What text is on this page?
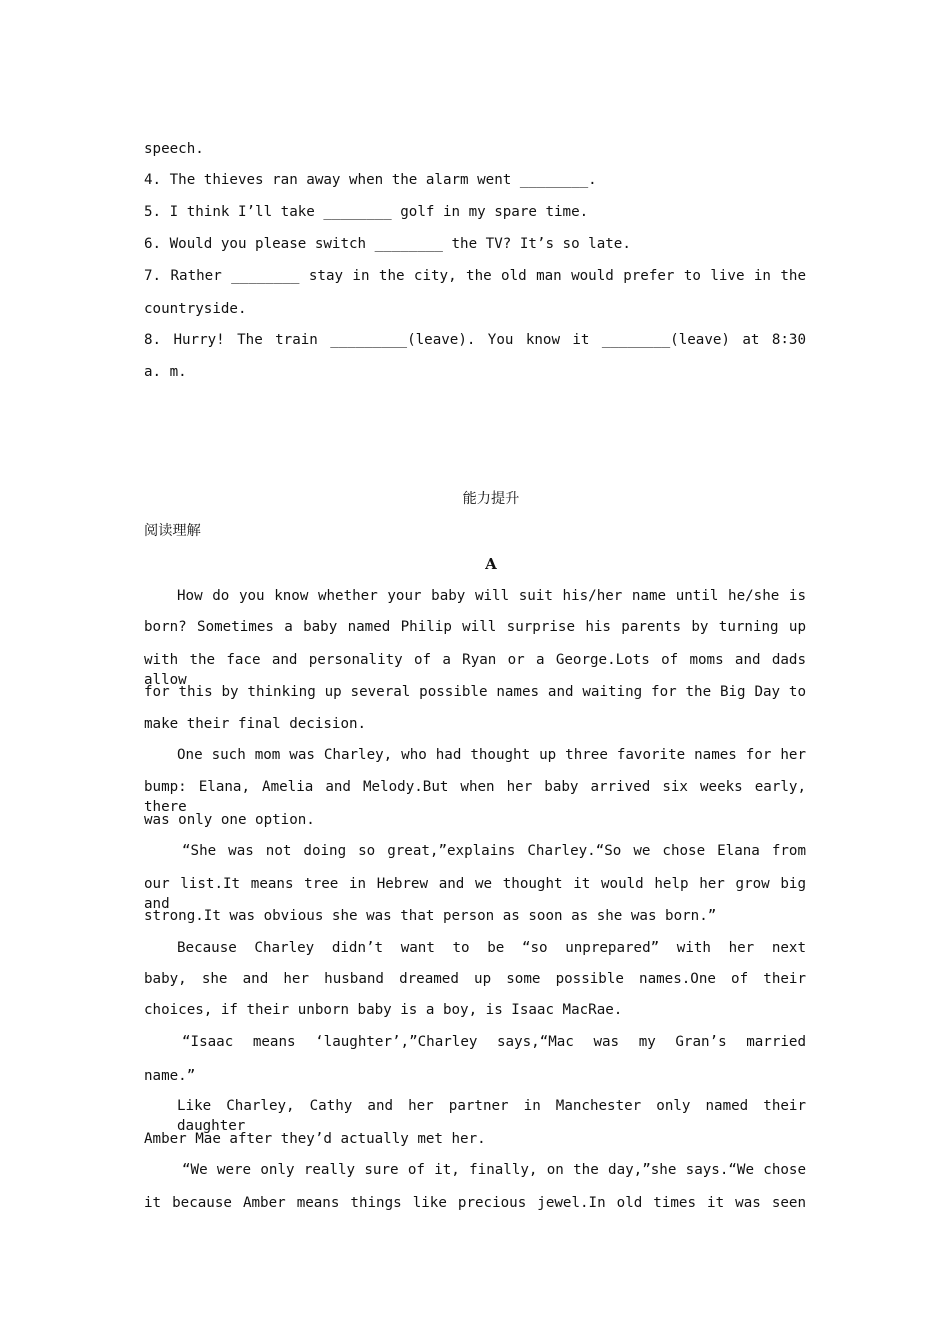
speech.
4. The thieves ran away when the alarm went ________.
5. I think I’ll take ________ golf in my spare time.
6. Would you please switch ________ the TV? It’s so late.
7. Rather ________ stay in the city, the old man would prefer to live in the
countryside.
8. Hurry! The train _________(leave). You know it ________(leave) at 8∶30
a. m.
能力提升
阅读理解
A
How do you know whether your baby will suit his/her name until he/she is
born? Sometimes a baby named Philip will surprise his parents by turning up
with the face and personality of a Ryan or a George.Lots of moms and dads allow
for this by thinking up several possible names and waiting for the Big Day to
make their final decision.
One such mom was Charley, who had thought up three favorite names for her
bump: Elana, Amelia and Melody.But when her baby arrived six weeks early, there
was only one option.
“She was not doing so great,”explains Charley.“So we chose Elana from
our list.It means tree in Hebrew and we thought it would help her grow big and
strong.It was obvious she was that person as soon as she was born.”
Because Charley didn’t want to be “so unprepared” with her next
baby, she and her husband dreamed up some possible names.One of their
choices, if their unborn baby is a boy, is Isaac MacRae.
“Isaac means ‘laughter’,”Charley says,“Mac was my Gran’s married
name.”
Like Charley, Cathy and her partner in Manchester only named their daughter
Amber Mae after they’d actually met her.
“We were only really sure of it, finally, on the day,”she says.“We chose
it because Amber means things like precious jewel.In old times it was seen
